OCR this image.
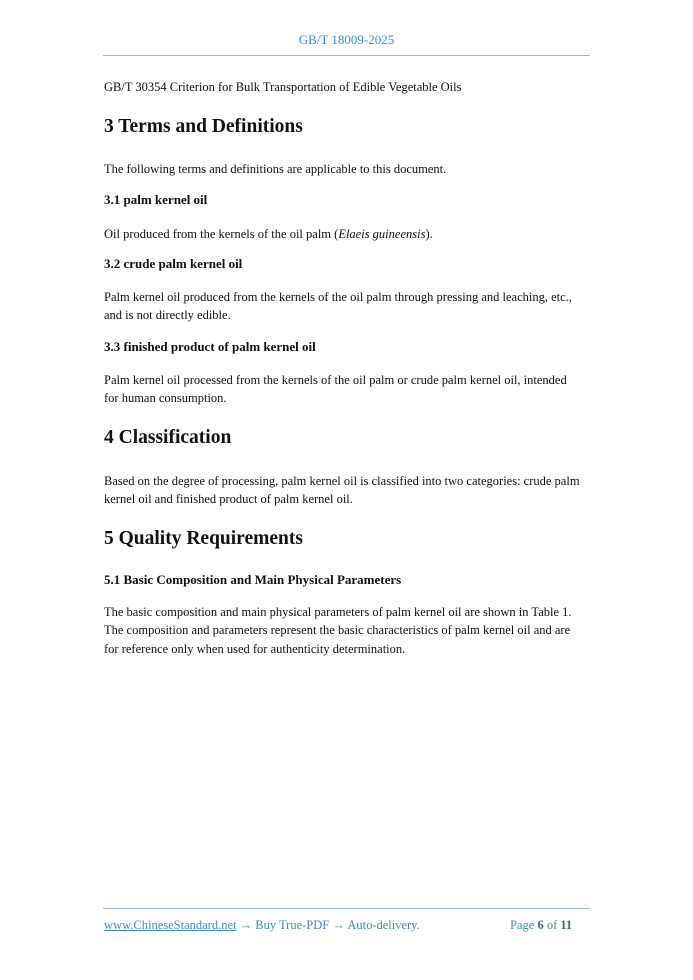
GB/T 18009-2025
GB/T 30354 Criterion for Bulk Transportation of Edible Vegetable Oils
3 Terms and Definitions
The following terms and definitions are applicable to this document.
3.1 palm kernel oil
Oil produced from the kernels of the oil palm (Elaeis guineensis).
3.2 crude palm kernel oil
Palm kernel oil produced from the kernels of the oil palm through pressing and leaching, etc.,
and is not directly edible.
3.3 finished product of palm kernel oil
Palm kernel oil processed from the kernels of the oil palm or crude palm kernel oil, intended
for human consumption.
4 Classification
Based on the degree of processing, palm kernel oil is classified into two categories: crude palm
kernel oil and finished product of palm kernel oil.
5 Quality Requirements
5.1 Basic Composition and Main Physical Parameters
The basic composition and main physical parameters of palm kernel oil are shown in Table 1.
The composition and parameters represent the basic characteristics of palm kernel oil and are
for reference only when used for authenticity determination.
www.ChineseStandard.net → Buy True-PDF → Auto-delivery.	Page 6 of 11
